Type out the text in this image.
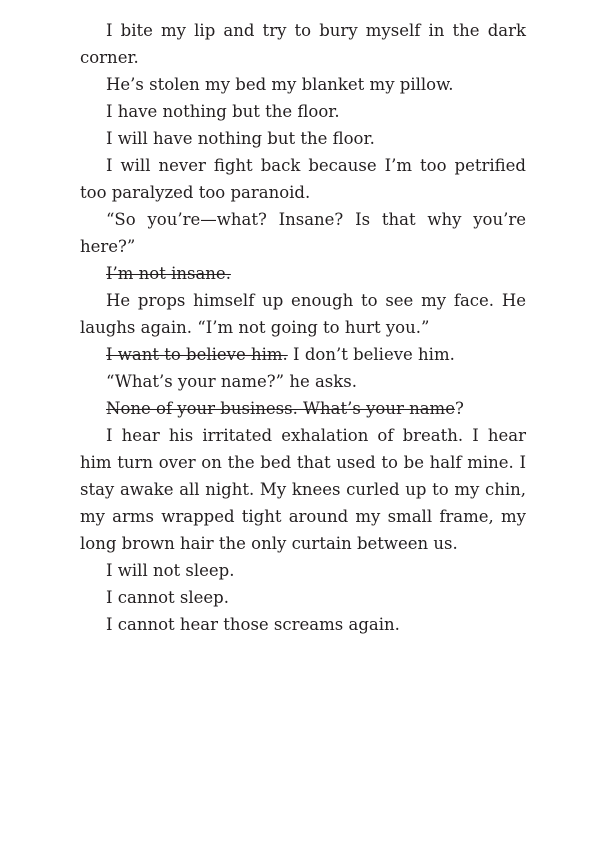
I bite my lip and try to bury myself in the dark corner.

He’s stolen my bed my blanket my pillow.

I have nothing but the floor.

I will have nothing but the floor.

I will never fight back because I’m too petrified too paralyzed too paranoid.

“So you’re—what? Insane? Is that why you’re here?”

I’m not insane.

He props himself up enough to see my face. He laughs again. “I’m not going to hurt you.”

I want to believe him. I don’t believe him.

“What’s your name?” he asks.

None of your business. What’s your name?

I hear his irritated exhalation of breath. I hear him turn over on the bed that used to be half mine. I stay awake all night. My knees curled up to my chin, my arms wrapped tight around my small frame, my long brown hair the only curtain between us.

I will not sleep.

I cannot sleep.

I cannot hear those screams again.
